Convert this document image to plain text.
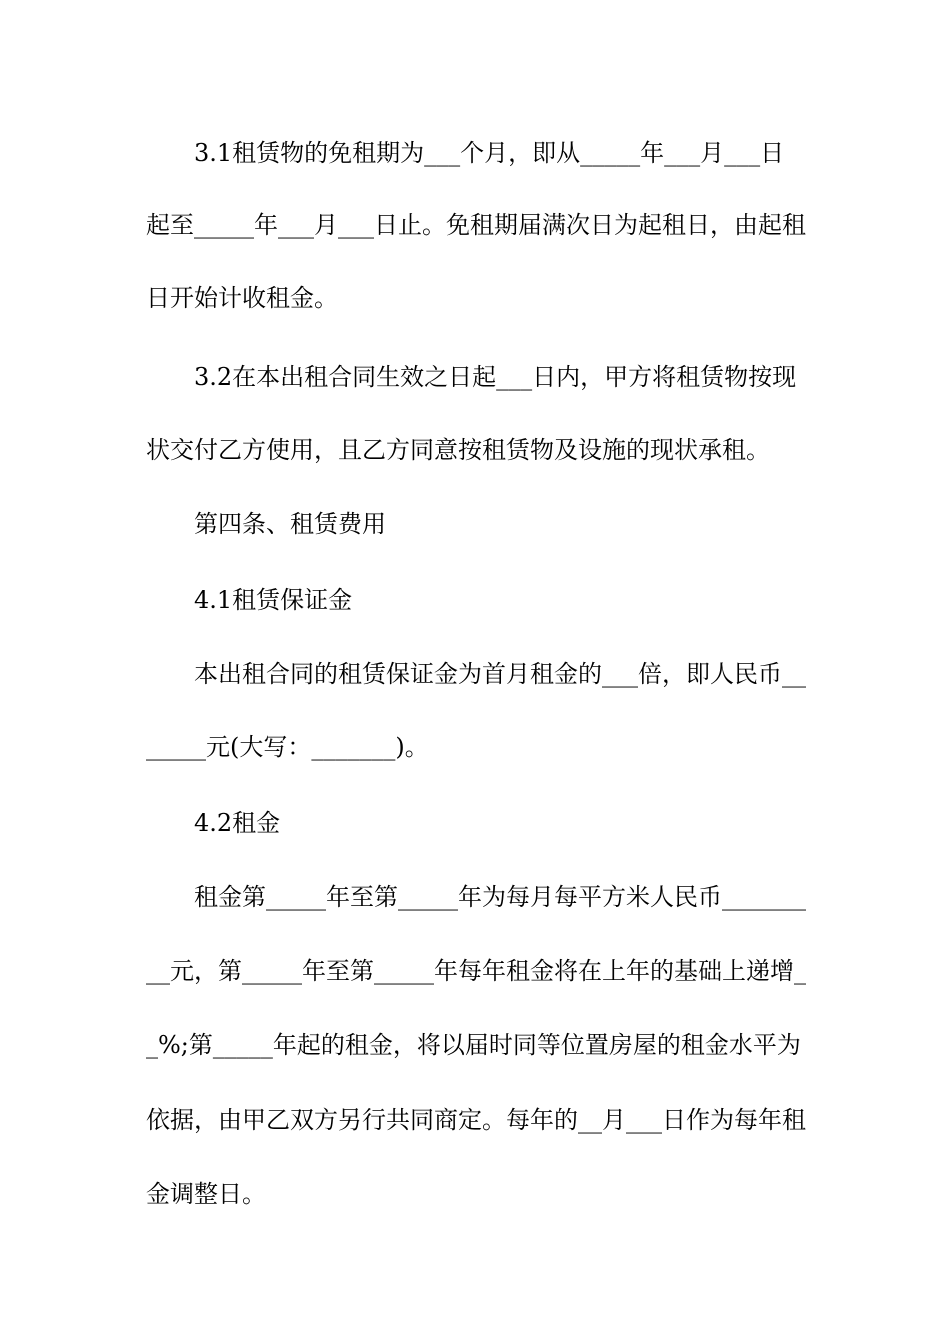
3.1租赁物的免租期为___个月，即从_____年___月___日
起至_____年___月___日止。免租期届满次日为起租日，由起租
日开始计收租金。
3.2在本出租合同生效之日起___日内，甲方将租赁物按现
状交付乙方使用，且乙方同意按租赁物及设施的现状承租。
第四条、租赁费用
4.1租赁保证金
本出租合同的租赁保证金为首月租金的___倍，即人民币__
_____元(大写：_______)。
4.2租金
租金第_____年至第_____年为每月每平方米人民币_______
__元，第_____年至第_____年每年租金将在上年的基础上递增_
_%;第_____年起的租金，将以届时同等位置房屋的租金水平为
依据，由甲乙双方另行共同商定。每年的__月___日作为每年租
金调整日。
